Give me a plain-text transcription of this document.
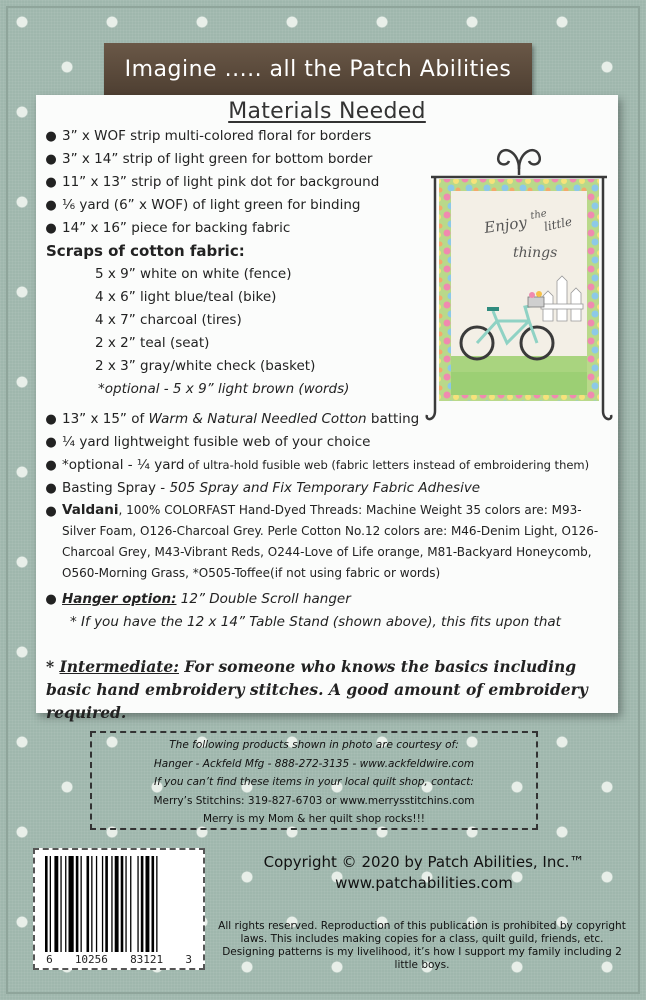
Imagine ..... all the Patch Abilities
Materials Needed
Enjoy the
little
things
● 3” x WOF strip multi-colored floral for borders
● 3” x 14” strip of light green for bottom border
● 11” x 13” strip of light pink dot for background
● ⅙ yard (6” x WOF) of light green for binding
● 14” x 16” piece for backing fabric
Scraps of cotton fabric:
5 x 9” white on white (fence)
4 x 6” light blue/teal (bike)
4 x 7” charcoal (tires)
2 x 2” teal (seat)
2 x 3” gray/white check (basket)
*optional - 5 x 9” light brown (words)
● 13” x 15” of Warm & Natural Needled Cotton batting
● ¼ yard lightweight fusible web of your choice
● *optional - ¼ yard of ultra-hold fusible web (fabric letters instead of embroidering them)
● Basting Spray - 505 Spray and Fix Temporary Fabric Adhesive
● Valdani, 100% COLORFAST Hand-Dyed Threads: Machine Weight 35 colors are: M93-Silver Foam, O126-Charcoal Grey. Perle Cotton No.12 colors are: M46-Denim Light, O126-Charcoal Grey, M43-Vibrant Reds, O244-Love of Life orange, M81-Backyard Honeycomb, O560-Morning Grass, *O505-Toffee(if not using fabric or words)
● Hanger option: 12” Double Scroll hanger
* If you have the 12 x 14” Table Stand (shown above), this fits upon that
* Intermediate: For someone who knows the basics including basic hand embroidery stitches. A good amount of embroidery required.
The following products shown in photo are courtesy of:
Hanger - Ackfeld Mfg - 888-272-3135 - www.ackfeldwire.com
If you can’t find these items in your local quilt shop, contact:
Merry’s Stitchins: 319-827-6703 or www.merrysstitchins.com
Merry is my Mom & her quilt shop rocks!!!
6 10256 83121 3
Copyright © 2020 by Patch Abilities, Inc.™
www.patchabilities.com
All rights reserved. Reproduction of this publication is prohibited by copyright laws. This includes making copies for a class, quilt guild, friends, etc. Designing patterns is my livelihood, it’s how I support my family including 2 little boys.
